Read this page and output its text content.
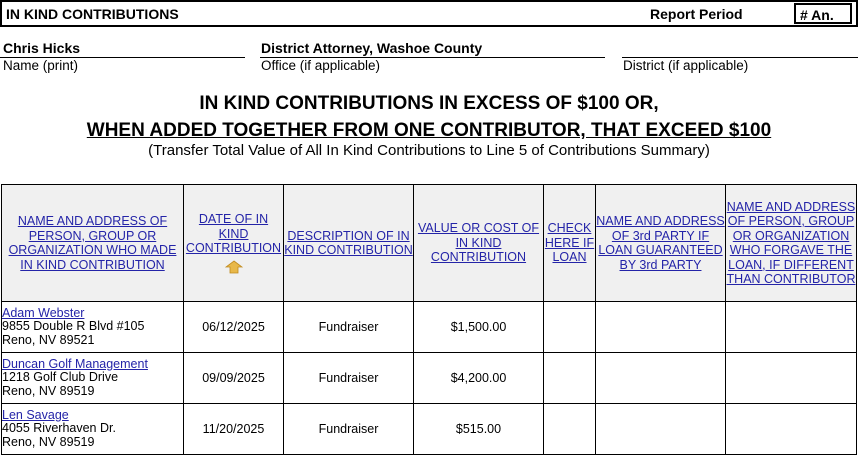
IN KIND CONTRIBUTIONS	Report Period	# An.
Chris Hicks	District Attorney, Washoe County
Name (print)	Office (if applicable)	District (if applicable)
IN KIND CONTRIBUTIONS IN EXCESS OF $100 OR,
WHEN ADDED TOGETHER FROM ONE CONTRIBUTOR, THAT EXCEED $100
(Transfer Total Value of All In Kind Contributions to Line 5 of Contributions Summary)
NAME AND ADDRESS OF PERSON, GROUP OR ORGANIZATION WHO MADE IN KIND CONTRIBUTION	DATE OF IN KIND CONTRIBUTION	DESCRIPTION OF IN KIND CONTRIBUTION	VALUE OR COST OF IN KIND CONTRIBUTION	CHECK HERE IF LOAN	NAME AND ADDRESS OF 3rd PARTY IF LOAN GUARANTEED BY 3rd PARTY	NAME AND ADDRESS OF PERSON, GROUP OR ORGANIZATION WHO FORGAVE THE LOAN, IF DIFFERENT THAN CONTRIBUTOR
Adam Webster
9855 Double R Blvd #105
Reno, NV 89521	06/12/2025	Fundraiser	$1,500.00			
Duncan Golf Management
1218 Golf Club Drive
Reno, NV 89519	09/09/2025	Fundraiser	$4,200.00			
Len Savage
4055 Riverhaven Dr.
Reno, NV 89519	11/20/2025	Fundraiser	$515.00			
